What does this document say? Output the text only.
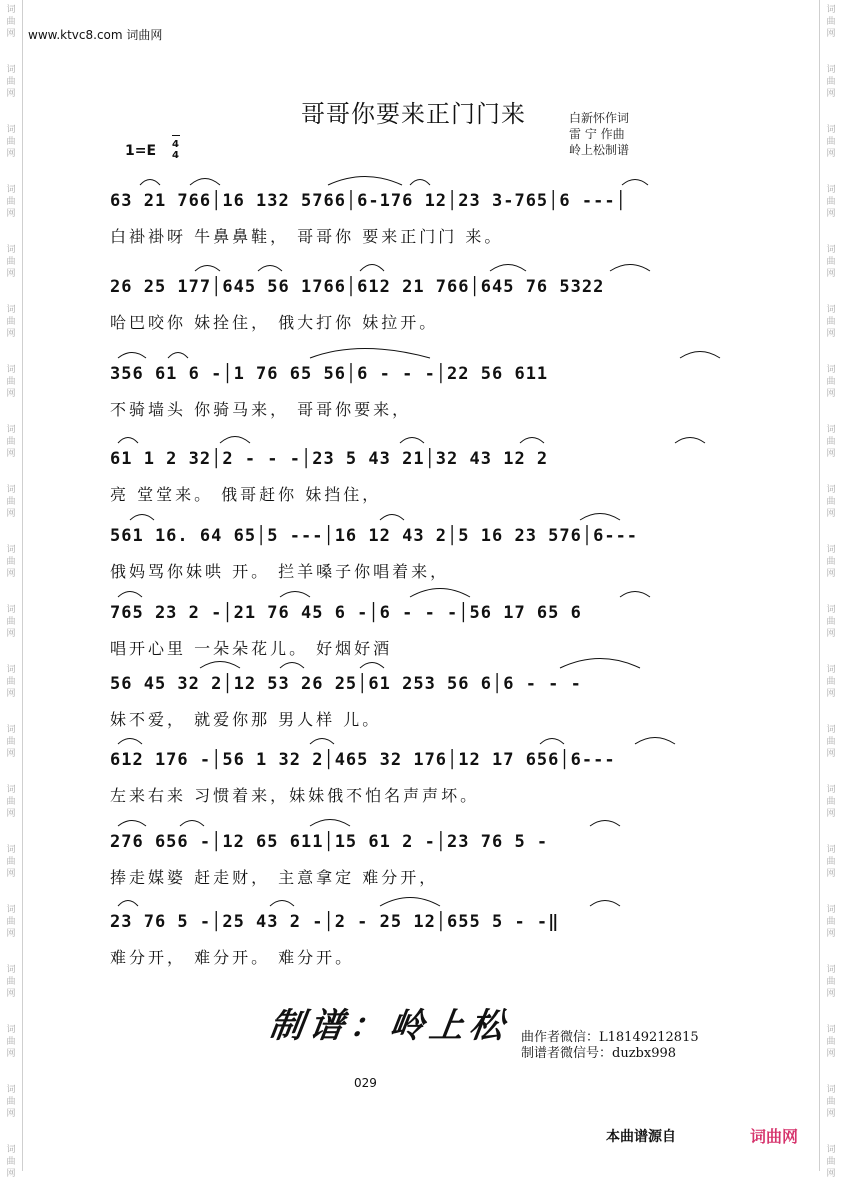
www.ktvc8.com 词曲网
哥哥你要来正门门来	白新怀作词
雷 宁 作曲
岭上松制谱
1=E 4
4
63 21 766│16 132 5766│6-176 12│23 3-765│6 ---│
白褂褂呀 牛鼻鼻鞋， 哥哥你 要来正门门 来。
26 25 177│645 56 1766│612 21 766│645 76 5322
哈巴咬你 妹拴住， 俄大打你 妹拉开。
356 61 6 -│1 76 65 56│6 - - -│22 56 611
不骑墙头 你骑马来， 哥哥你要来，
61 1 2 32│2 - - -│23 5 43 21│32 43 12 2
亮 堂堂来。 俄哥赶你 妹挡住，
561 16. 64 65│5 ---│16 12 43 2│5 16 23 576│6---
俄妈骂你妹哄 开。 拦羊嗓子你唱着来，
765 23 2 -│21 76 45 6 -│6 - - -│56 17 65 6
唱开心里 一朵朵花儿。 好烟好酒
56 45 32 2│12 53 26 25│61 253 56 6│6 - - -
妹不爱， 就爱你那 男人样 儿。
612 176 -│56 1 32 2│465 32 176│12 17 656│6---
左来右来 习惯着来，妹妹俄不怕名声声坏。
276 656 -│12 65 611│15 61 2 -│23 76 5 -
捧走媒婆 赶走财， 主意拿定 难分开，
23 76 5 -│25 43 2 -│2 - 25 12│655 5 - -‖
难分开， 难分开。 难分开。
制谱：岭上松 曲作者微信：L18149212815
制谱者微信号：duzbx998
029
本曲谱源自	词曲网
词
曲
网
词
曲
网
词
曲
网
词
曲
网
词
曲
网
词
曲
网
词
曲
网
词
曲
网
词
曲
网
词
曲
网
词
曲
网
词
曲
网
词
曲
网
词
曲
网
词
曲
网
词
曲
网
词
曲
网
词
曲
网
词
曲
网
词
曲
网
词
曲
网
词
曲
网
词
曲
网
词
曲
网
词
曲
网
词
曲
网
词
曲
网
词
曲
网
词
曲
网
词
曲
网
词
曲
网
词
曲
网
词
曲
网
词
曲
网
词
曲
网
词
曲
网
词
曲
网
词
曲
网
词
曲
网
词
曲
网
